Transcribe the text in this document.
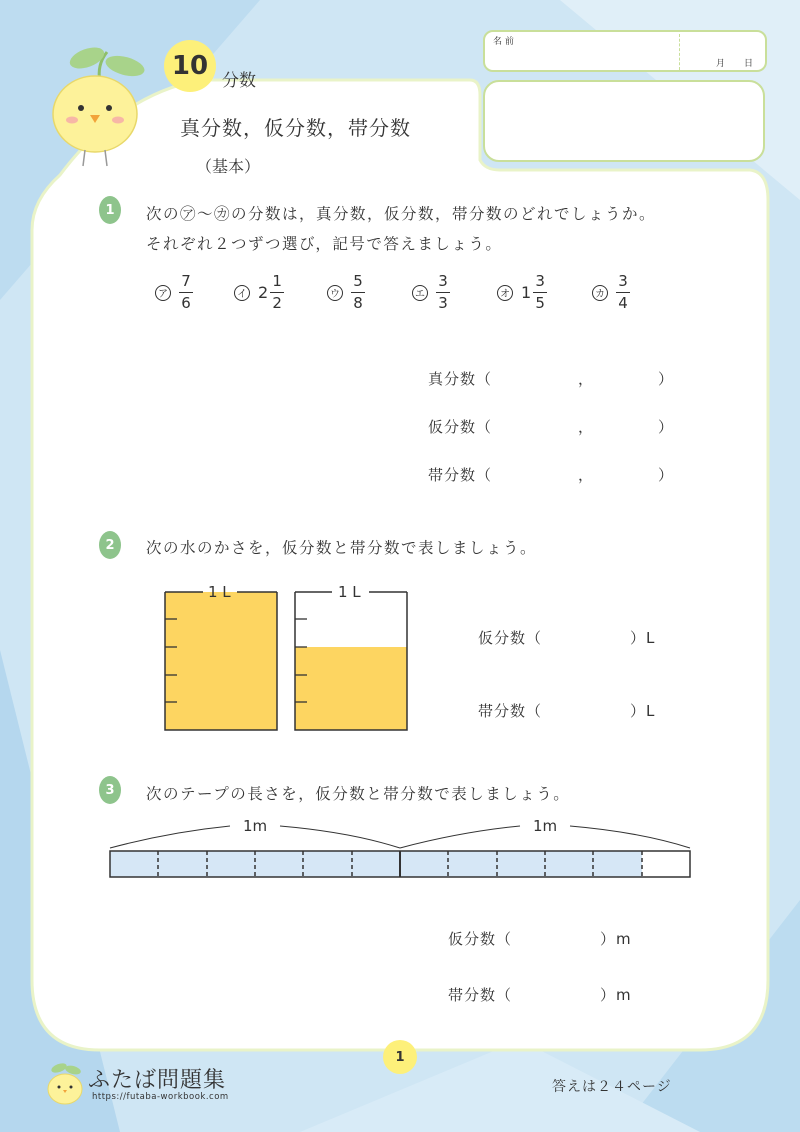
10 分数
真分数，仮分数，帯分数
（基本）
名 前
月 日
1	次の㋐〜㋕の分数は，真分数，仮分数，帯分数のどれでしょうか。
それぞれ２つずつ選び，記号で答えましょう。
ア $\frac{7}{6}$	イ $2 \frac{1}{2}$	ウ $\frac{5}{8}$	エ $\frac{3}{3}$	オ $1 \frac{3}{5}$	カ $\frac{3}{4}$
真分数（	，	）
仮分数（	，	）
帯分数（	，	）
2	次の水のかさを，仮分数と帯分数で表しましょう。
1 L	1 L
仮分数（	）L
帯分数（	）L
3	次のテープの長さを，仮分数と帯分数で表しましょう。
1m	1m
仮分数（	）m
帯分数（	）m
1
ふたば問題集
https://futaba-workbook.com
答えは２４ページ
